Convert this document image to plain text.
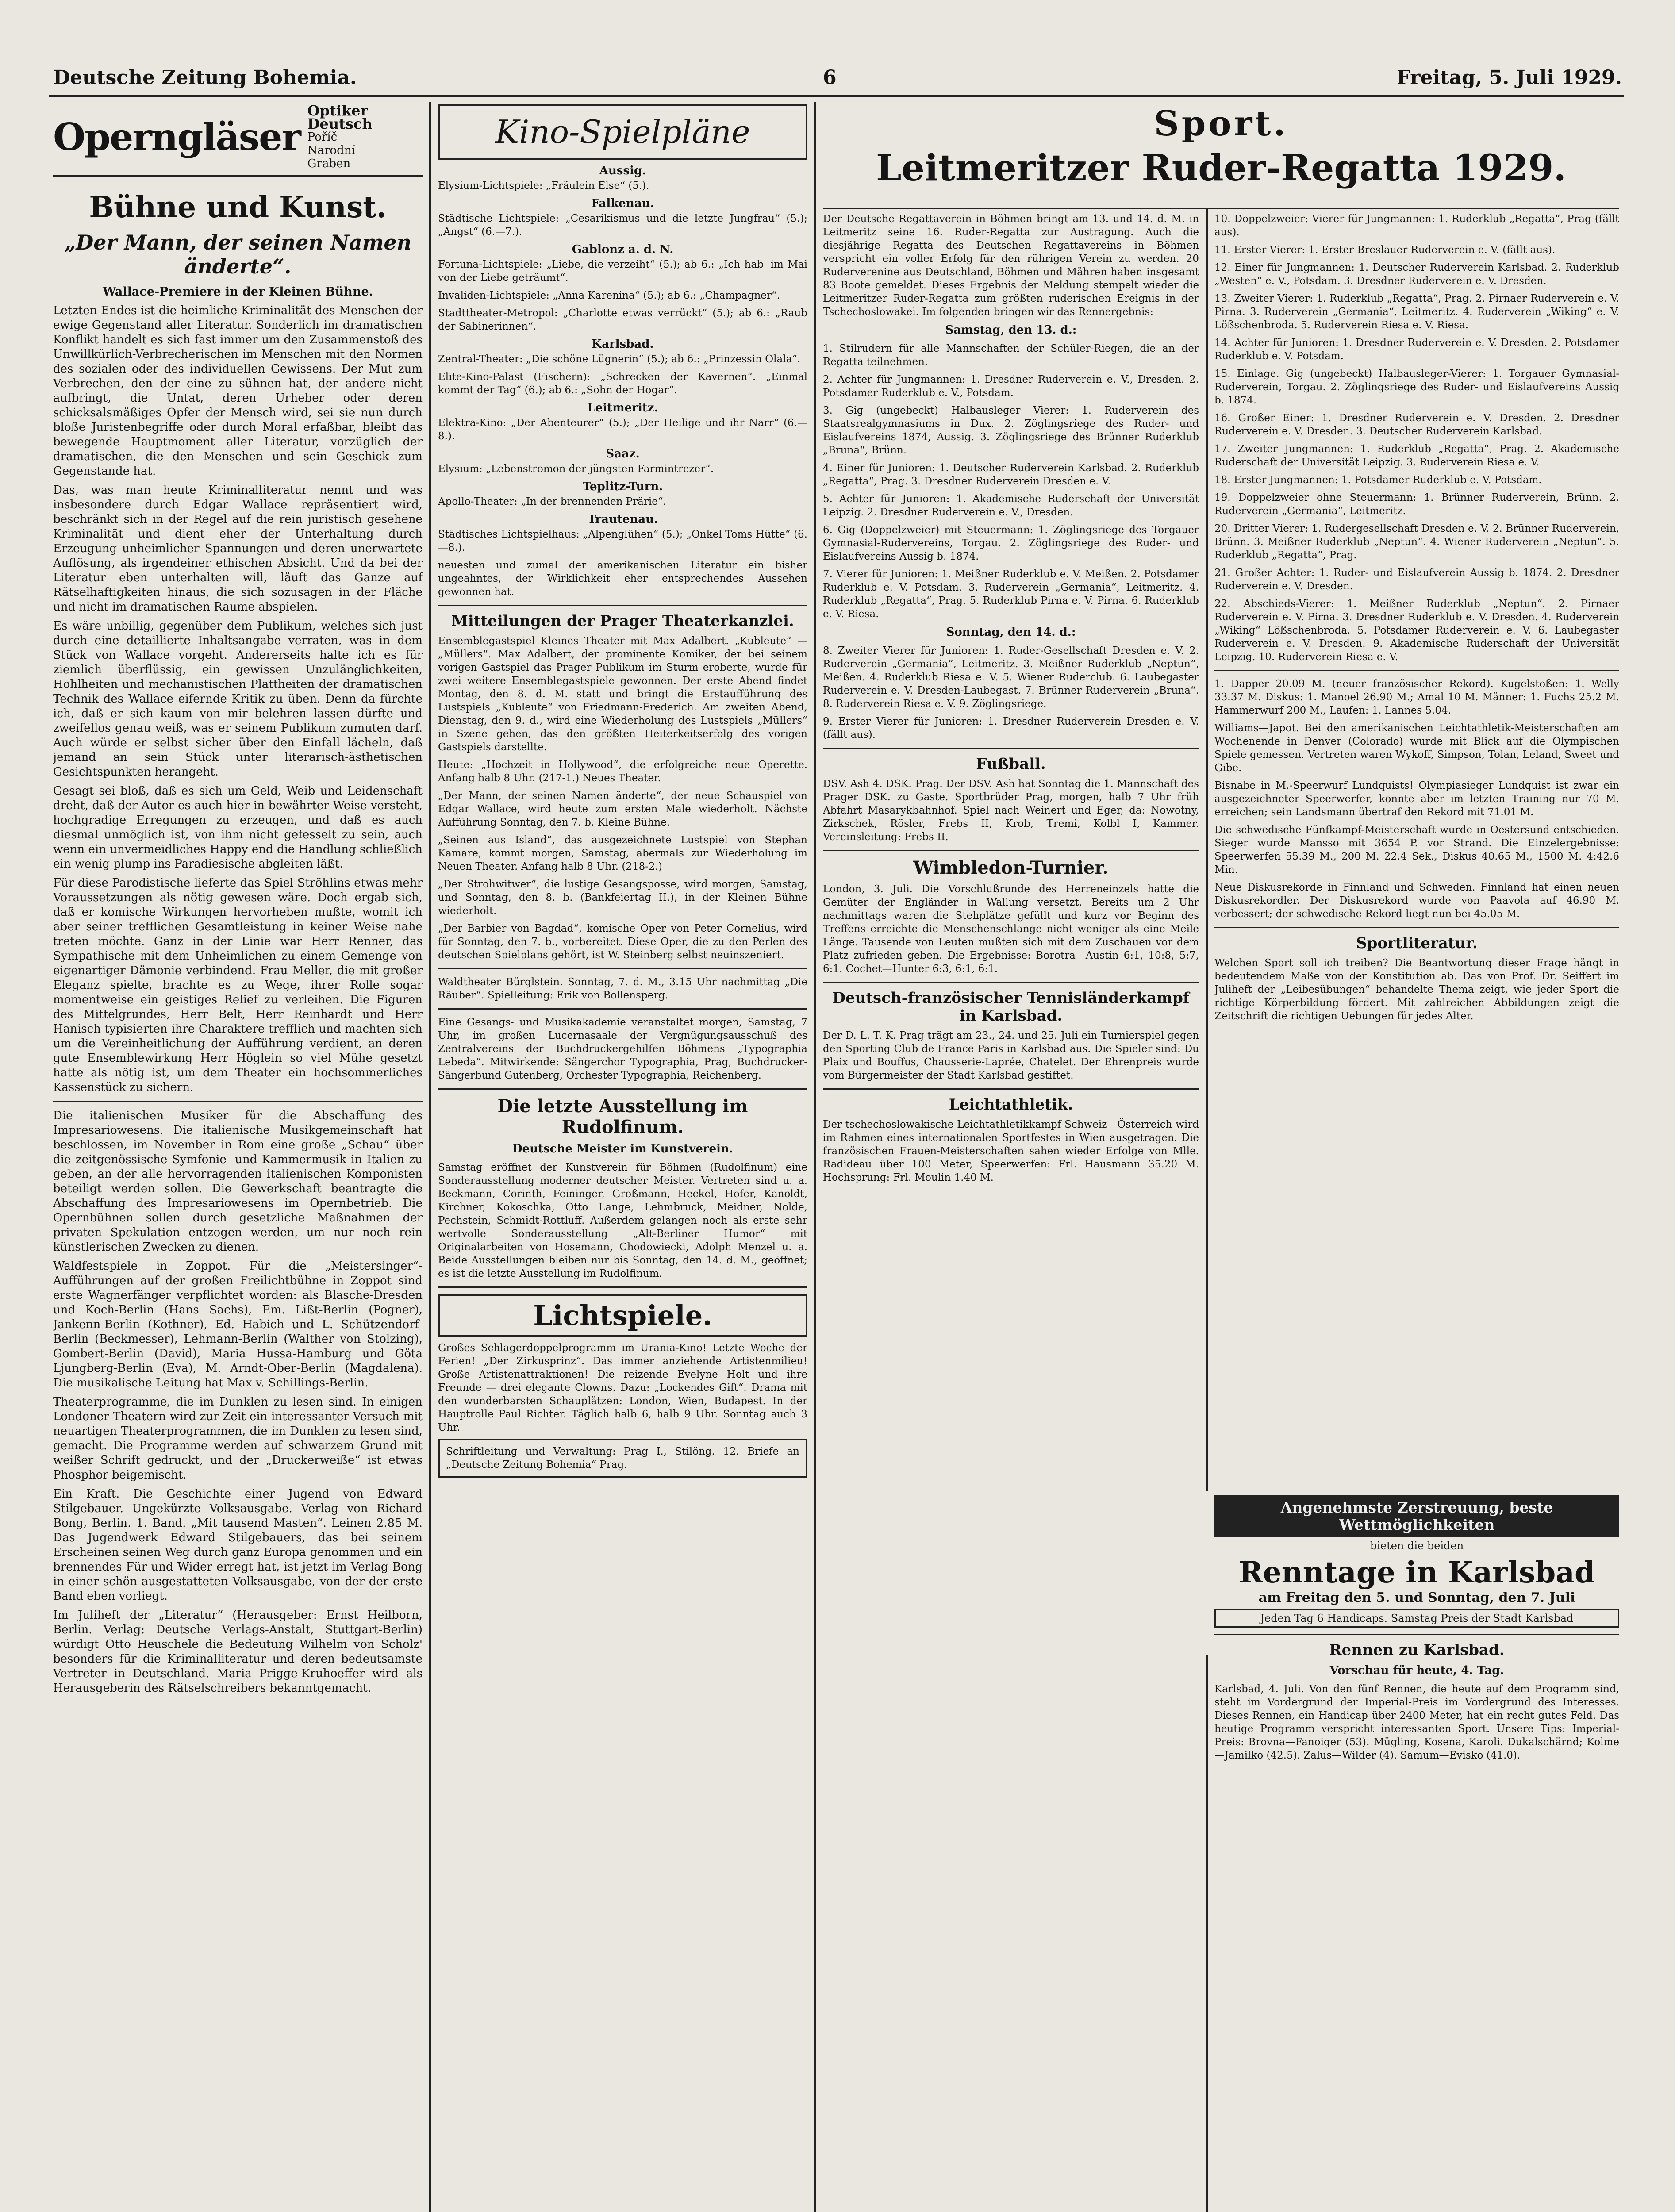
Deutsche Zeitung Bohemia.	6	Freitag, 5. Juli 1929.
Operngläser
Optiker Deutsch
Poříč
Narodní
Graben
Bühne und Kunst.
„Der Mann, der seinen Namen änderte“.

Wallace-Premiere in der Kleinen Bühne.

Letzten Endes ist die heimliche Kriminalität des Menschen der ewige Gegenstand aller Literatur. Sonderlich im dramatischen Konflikt handelt es sich fast immer um den Zusammenstoß des Unwillkürlich-Verbrecherischen im Menschen mit den Normen des sozialen oder des individuellen Gewissens. Der Mut zum Verbrechen, den der eine zu sühnen hat, der andere nicht aufbringt, die Untat, deren Urheber oder deren schicksalsmäßiges Opfer der Mensch wird, sei sie nun durch bloße Juristenbegriffe oder durch Moral erfaßbar, bleibt das bewegende Hauptmoment aller Literatur, vorzüglich der dramatischen, die den Menschen und sein Geschick zum Gegenstande hat.

Das, was man heute Kriminalliteratur nennt und was insbesondere durch Edgar Wallace repräsentiert wird, beschränkt sich in der Regel auf die rein juristisch gesehene Kriminalität und dient eher der Unterhaltung durch Erzeugung unheimlicher Spannungen und deren unerwartete Auflösung, als irgendeiner ethischen Absicht. Und da bei der Literatur eben unterhalten will, läuft das Ganze auf Rätselhaftigkeiten hinaus, die sich sozusagen in der Fläche und nicht im dramatischen Raume abspielen.

Es wäre unbillig, gegenüber dem Publikum, welches sich just durch eine detaillierte Inhaltsangabe verraten, was in dem Stück von Wallace vorgeht. Andererseits halte ich es für ziemlich überflüssig, ein gewissen Unzulänglichkeiten, Hohlheiten und mechanistischen Plattheiten der dramatischen Technik des Wallace eifernde Kritik zu üben. Denn da fürchte ich, daß er sich kaum von mir belehren lassen dürfte und zweifellos genau weiß, was er seinem Publikum zumuten darf. Auch würde er selbst sicher über den Einfall lächeln, daß jemand an sein Stück unter literarisch-ästhetischen Gesichtspunkten herangeht.

Gesagt sei bloß, daß es sich um Geld, Weib und Leidenschaft dreht, daß der Autor es auch hier in bewährter Weise versteht, hochgradige Erregungen zu erzeugen, und daß es auch diesmal unmöglich ist, von ihm nicht gefesselt zu sein, auch wenn ein unvermeidliches Happy end die Handlung schließlich ein wenig plump ins Paradiesische abgleiten läßt.

Für diese Parodistische lieferte das Spiel Ströhlins etwas mehr Voraussetzungen als nötig gewesen wäre. Doch ergab sich, daß er komische Wirkungen hervorheben mußte, womit ich aber seiner trefflichen Gesamtleistung in keiner Weise nahe treten möchte. Ganz in der Linie war Herr Renner, das Sympathische mit dem Unheimlichen zu einem Gemenge von eigenartiger Dämonie verbindend. Frau Meller, die mit großer Eleganz spielte, brachte es zu Wege, ihrer Rolle sogar momentweise ein geistiges Relief zu verleihen. Die Figuren des Mittelgrundes, Herr Belt, Herr Reinhardt und Herr Hanisch typisierten ihre Charaktere trefflich und machten sich um die Vereinheitlichung der Aufführung verdient, an deren gute Ensemblewirkung Herr Höglein so viel Mühe gesetzt hatte als nötig ist, um dem Theater ein hochsommerliches Kassenstück zu sichern.

Die italienischen Musiker für die Abschaffung des Impresariowesens. Die italienische Musikgemeinschaft hat beschlossen, im November in Rom eine große „Schau“ über die zeitgenössische Symfonie- und Kammermusik in Italien zu geben, an der alle hervorragenden italienischen Komponisten beteiligt werden sollen. Die Gewerkschaft beantragte die Abschaffung des Impresariowesens im Opernbetrieb. Die Opernbühnen sollen durch gesetzliche Maßnahmen der privaten Spekulation entzogen werden, um nur noch rein künstlerischen Zwecken zu dienen.

Waldfestspiele in Zoppot. Für die „Meistersinger“-Aufführungen auf der großen Freilichtbühne in Zoppot sind erste Wagnerfänger verpflichtet worden: als Blasche-Dresden und Koch-Berlin (Hans Sachs), Em. Lißt-Berlin (Pogner), Jankenn-Berlin (Kothner), Ed. Habich und L. Schützendorf-Berlin (Beckmesser), Lehmann-Berlin (Walther von Stolzing), Gombert-Berlin (David), Maria Hussa-Hamburg und Göta Ljungberg-Berlin (Eva), M. Arndt-Ober-Berlin (Magdalena). Die musikalische Leitung hat Max v. Schillings-Berlin.

Theaterprogramme, die im Dunklen zu lesen sind. In einigen Londoner Theatern wird zur Zeit ein interessanter Versuch mit neuartigen Theaterprogrammen, die im Dunklen zu lesen sind, gemacht. Die Programme werden auf schwarzem Grund mit weißer Schrift gedruckt, und der „Druckerweiße“ ist etwas Phosphor beigemischt.

Ein Kraft. Die Geschichte einer Jugend von Edward Stilgebauer. Ungekürzte Volksausgabe. Verlag von Richard Bong, Berlin. 1. Band. „Mit tausend Masten“. Leinen 2.85 M. Das Jugendwerk Edward Stilgebauers, das bei seinem Erscheinen seinen Weg durch ganz Europa genommen und ein brennendes Für und Wider erregt hat, ist jetzt im Verlag Bong in einer schön ausgestatteten Volksausgabe, von der der erste Band eben vorliegt.

Im Juliheft der „Literatur“ (Herausgeber: Ernst Heilborn, Berlin. Verlag: Deutsche Verlags-Anstalt, Stuttgart-Berlin) würdigt Otto Heuschele die Bedeutung Wilhelm von Scholz' besonders für die Kriminalliteratur und deren bedeutsamste Vertreter in Deutschland. Maria Prigge-Kruhoeffer wird als Herausgeberin des Rätselschreibers bekanntgemacht.

Kino-Spielpläne
Aussig.

Elysium-Lichtspiele: „Fräulein Else“ (5.).

Falkenau.

Städtische Lichtspiele: „Cesarikismus und die letzte Jungfrau“ (5.); „Angst“ (6.—7.).

Gablonz a. d. N.

Fortuna-Lichtspiele: „Liebe, die verzeiht“ (5.); ab 6.: „Ich hab' im Mai von der Liebe geträumt“.

Invaliden-Lichtspiele: „Anna Karenina“ (5.); ab 6.: „Champagner“.

Stadttheater-Metropol: „Charlotte etwas verrückt“ (5.); ab 6.: „Raub der Sabinerinnen“.

Karlsbad.

Zentral-Theater: „Die schöne Lügnerin“ (5.); ab 6.: „Prinzessin Olala“.

Elite-Kino-Palast (Fischern): „Schrecken der Kavernen“. „Einmal kommt der Tag“ (6.); ab 6.: „Sohn der Hogar“.

Leitmeritz.

Elektra-Kino: „Der Abenteurer“ (5.); „Der Heilige und ihr Narr“ (6.—8.).

Saaz.

Elysium: „Lebenstromon der jüngsten Farmintrezer“.

Teplitz-Turn.

Apollo-Theater: „In der brennenden Prärie“.

Trautenau.

Städtisches Lichtspielhaus: „Alpenglühen“ (5.); „Onkel Toms Hütte“ (6.—8.).

neuesten und zumal der amerikanischen Literatur ein bisher ungeahntes, der Wirklichkeit eher entsprechendes Aussehen gewonnen hat.

Mitteilungen der Prager Theaterkanzlei.

Ensemblegastspiel Kleines Theater mit Max Adalbert. „Kubleute“ — „Müllers“. Max Adalbert, der prominente Komiker, der bei seinem vorigen Gastspiel das Prager Publikum im Sturm eroberte, wurde für zwei weitere Ensemblegastspiele gewonnen. Der erste Abend findet Montag, den 8. d. M. statt und bringt die Erstaufführung des Lustspiels „Kubleute“ von Friedmann-Frederich. Am zweiten Abend, Dienstag, den 9. d., wird eine Wiederholung des Lustspiels „Müllers“ in Szene gehen, das den größten Heiterkeitserfolg des vorigen Gastspiels darstellte.

Heute: „Hochzeit in Hollywood“, die erfolgreiche neue Operette. Anfang halb 8 Uhr. (217-1.) Neues Theater.

„Der Mann, der seinen Namen änderte“, der neue Schauspiel von Edgar Wallace, wird heute zum ersten Male wiederholt. Nächste Aufführung Sonntag, den 7. b. Kleine Bühne.

„Seinen aus Island“, das ausgezeichnete Lustspiel von Stephan Kamare, kommt morgen, Samstag, abermals zur Wiederholung im Neuen Theater. Anfang halb 8 Uhr. (218-2.)

„Der Strohwitwer“, die lustige Gesangsposse, wird morgen, Samstag, und Sonntag, den 8. b. (Bankfeiertag II.), in der Kleinen Bühne wiederholt.

„Der Barbier von Bagdad“, komische Oper von Peter Cornelius, wird für Sonntag, den 7. b., vorbereitet. Diese Oper, die zu den Perlen des deutschen Spielplans gehört, ist W. Steinberg selbst neuinszeniert.

Waldtheater Bürglstein. Sonntag, 7. d. M., 3.15 Uhr nachmittag „Die Räuber“. Spielleitung: Erik von Bollensperg.

Eine Gesangs- und Musikakademie veranstaltet morgen, Samstag, 7 Uhr, im großen Lucernasaale der Vergnügungsausschuß des Zentralvereins der Buchdruckergehilfen Böhmens „Typographia Lebeda“. Mitwirkende: Sängerchor Typographia, Prag, Buchdrucker-Sängerbund Gutenberg, Orchester Typographia, Reichenberg.

Die letzte Ausstellung im Rudolfinum.

Deutsche Meister im Kunstverein.

Samstag eröffnet der Kunstverein für Böhmen (Rudolfinum) eine Sonderausstellung moderner deutscher Meister. Vertreten sind u. a. Beckmann, Corinth, Feininger, Großmann, Heckel, Hofer, Kanoldt, Kirchner, Kokoschka, Otto Lange, Lehmbruck, Meidner, Nolde, Pechstein, Schmidt-Rottluff. Außerdem gelangen noch als erste sehr wertvolle Sonderausstellung „Alt-Berliner Humor“ mit Originalarbeiten von Hosemann, Chodowiecki, Adolph Menzel u. a. Beide Ausstellungen bleiben nur bis Sonntag, den 14. d. M., geöffnet; es ist die letzte Ausstellung im Rudolfinum.

Lichtspiele.

Großes Schlagerdoppelprogramm im Urania-Kino! Letzte Woche der Ferien! „Der Zirkusprinz“. Das immer anziehende Artistenmilieu! Große Artistenattraktionen! Die reizende Evelyne Holt und ihre Freunde — drei elegante Clowns. Dazu: „Lockendes Gift“. Drama mit den wunderbarsten Schauplätzen: London, Wien, Budapest. In der Hauptrolle Paul Richter. Täglich halb 6, halb 9 Uhr. Sonntag auch 3 Uhr.

Schriftleitung und Verwaltung: Prag I., Stilöng. 12. Briefe an „Deutsche Zeitung Bohemia“ Prag.

Sport.
Leitmeritzer Ruder-Regatta 1929.

Der Deutsche Regattaverein in Böhmen bringt am 13. und 14. d. M. in Leitmeritz seine 16. Ruder-Regatta zur Austragung. Auch die diesjährige Regatta des Deutschen Regattavereins in Böhmen verspricht ein voller Erfolg für den rührigen Verein zu werden. 20 Ruderverenine aus Deutschland, Böhmen und Mähren haben insgesamt 83 Boote gemeldet. Dieses Ergebnis der Meldung stempelt wieder die Leitmeritzer Ruder-Regatta zum größten ruderischen Ereignis in der Tschechoslowakei. Im folgenden bringen wir das Rennergebnis:

Samstag, den 13. d.:

1. Stilrudern für alle Mannschaften der Schüler-Riegen, die an der Regatta teilnehmen.

2. Achter für Jungmannen: 1. Dresdner Ruderverein e. V., Dresden. 2. Potsdamer Ruderklub e. V., Potsdam.

3. Gig (ungebeckt) Halbausleger Vierer: 1. Ruderverein des Staatsrealgymnasiums in Dux. 2. Zöglingsriege des Ruder- und Eislaufvereins 1874, Aussig. 3. Zöglingsriege des Brünner Ruderklub „Bruna“, Brünn.

4. Einer für Junioren: 1. Deutscher Ruderverein Karlsbad. 2. Ruderklub „Regatta“, Prag. 3. Dresdner Ruderverein Dresden e. V.

5. Achter für Junioren: 1. Akademische Ruderschaft der Universität Leipzig. 2. Dresdner Ruderverein e. V., Dresden.

6. Gig (Doppelzweier) mit Steuermann: 1. Zöglingsriege des Torgauer Gymnasial-Rudervereins, Torgau. 2. Zöglingsriege des Ruder- und Eislaufvereins Aussig b. 1874.

7. Vierer für Junioren: 1. Meißner Ruderklub e. V. Meißen. 2. Potsdamer Ruderklub e. V. Potsdam. 3. Ruderverein „Germania“, Leitmeritz. 4. Ruderklub „Regatta“, Prag. 5. Ruderklub Pirna e. V. Pirna. 6. Ruderklub e. V. Riesa.

Sonntag, den 14. d.:

8. Zweiter Vierer für Junioren: 1. Ruder-Gesellschaft Dresden e. V. 2. Ruderverein „Germania“, Leitmeritz. 3. Meißner Ruderklub „Neptun“, Meißen. 4. Ruderklub Riesa e. V. 5. Wiener Ruderclub. 6. Laubegaster Ruderverein e. V. Dresden-Laubegast. 7. Brünner Ruderverein „Bruna“. 8. Ruderverein Riesa e. V. 9. Zöglingsriege.

9. Erster Vierer für Junioren: 1. Dresdner Ruderverein Dresden e. V. (fällt aus).

Fußball.

DSV. Ash 4. DSK. Prag. Der DSV. Ash hat Sonntag die 1. Mannschaft des Prager DSK. zu Gaste. Sportbrüder Prag, morgen, halb 7 Uhr früh Abfahrt Masarykbahnhof. Spiel nach Weinert und Eger, da: Nowotny, Zirkschek, Rösler, Frebs II, Krob, Tremi, Kolbl I, Kammer. Vereinsleitung: Frebs II.

Wimbledon-Turnier.

London, 3. Juli. Die Vorschlußrunde des Herreneinzels hatte die Gemüter der Engländer in Wallung versetzt. Bereits um 2 Uhr nachmittags waren die Stehplätze gefüllt und kurz vor Beginn des Treffens erreichte die Menschenschlange nicht weniger als eine Meile Länge. Tausende von Leuten mußten sich mit dem Zuschauen vor dem Platz zufrieden geben. Die Ergebnisse: Borotra—Austin 6:1, 10:8, 5:7, 6:1. Cochet—Hunter 6:3, 6:1, 6:1.

Deutsch-französischer Tennisländerkampf in Karlsbad.

Der D. L. T. K. Prag trägt am 23., 24. und 25. Juli ein Turnierspiel gegen den Sporting Club de France Paris in Karlsbad aus. Die Spieler sind: Du Plaix und Bouffus, Chausserie-Laprée, Chatelet. Der Ehrenpreis wurde vom Bürgermeister der Stadt Karlsbad gestiftet.

Leichtathletik.

Der tschechoslowakische Leichtathletikkampf Schweiz—Österreich wird im Rahmen eines internationalen Sportfestes in Wien ausgetragen. Die französischen Frauen-Meisterschaften sahen wieder Erfolge von Mlle. Radideau über 100 Meter, Speerwerfen: Frl. Hausmann 35.20 M. Hochsprung: Frl. Moulin 1.40 M.

10. Doppelzweier: Vierer für Jungmannen: 1. Ruderklub „Regatta“, Prag (fällt aus).

11. Erster Vierer: 1. Erster Breslauer Ruderverein e. V. (fällt aus).

12. Einer für Jungmannen: 1. Deutscher Ruderverein Karlsbad. 2. Ruderklub „Westen“ e. V., Potsdam. 3. Dresdner Ruderverein e. V. Dresden.

13. Zweiter Vierer: 1. Ruderklub „Regatta“, Prag. 2. Pirnaer Ruderverein e. V. Pirna. 3. Ruderverein „Germania“, Leitmeritz. 4. Ruderverein „Wiking“ e. V. Lößschenbroda. 5. Ruderverein Riesa e. V. Riesa.

14. Achter für Junioren: 1. Dresdner Ruderverein e. V. Dresden. 2. Potsdamer Ruderklub e. V. Potsdam.

15. Einlage. Gig (ungebeckt) Halbausleger-Vierer: 1. Torgauer Gymnasial-Ruderverein, Torgau. 2. Zöglingsriege des Ruder- und Eislaufvereins Aussig b. 1874.

16. Großer Einer: 1. Dresdner Ruderverein e. V. Dresden. 2. Dresdner Ruderverein e. V. Dresden. 3. Deutscher Ruderverein Karlsbad.

17. Zweiter Jungmannen: 1. Ruderklub „Regatta“, Prag. 2. Akademische Ruderschaft der Universität Leipzig. 3. Ruderverein Riesa e. V.

18. Erster Jungmannen: 1. Potsdamer Ruderklub e. V. Potsdam.

19. Doppelzweier ohne Steuermann: 1. Brünner Ruderverein, Brünn. 2. Ruderverein „Germania“, Leitmeritz.

20. Dritter Vierer: 1. Rudergesellschaft Dresden e. V. 2. Brünner Ruderverein, Brünn. 3. Meißner Ruderklub „Neptun“. 4. Wiener Ruderverein „Neptun“. 5. Ruderklub „Regatta“, Prag.

21. Großer Achter: 1. Ruder- und Eislaufverein Aussig b. 1874. 2. Dresdner Ruderverein e. V. Dresden.

22. Abschieds-Vierer: 1. Meißner Ruderklub „Neptun“. 2. Pirnaer Ruderverein e. V. Pirna. 3. Dresdner Ruderklub e. V. Dresden. 4. Ruderverein „Wiking“ Lößschenbroda. 5. Potsdamer Ruderverein e. V. 6. Laubegaster Ruderverein e. V. Dresden. 9. Akademische Ruderschaft der Universität Leipzig. 10. Ruderverein Riesa e. V.

1. Dapper 20.09 M. (neuer französischer Rekord). Kugelstoßen: 1. Welly 33.37 M. Diskus: 1. Manoel 26.90 M.; Amal 10 M. Männer: 1. Fuchs 25.2 M. Hammerwurf 200 M., Laufen: 1. Lannes 5.04.

Williams—Japot. Bei den amerikanischen Leichtathletik-Meisterschaften am Wochenende in Denver (Colorado) wurde mit Blick auf die Olympischen Spiele gemessen. Vertreten waren Wykoff, Simpson, Tolan, Leland, Sweet und Gibe.

Bisnabe in M.-Speerwurf Lundquists! Olympiasieger Lundquist ist zwar ein ausgezeichneter Speerwerfer, konnte aber im letzten Training nur 70 M. erreichen; sein Landsmann übertraf den Rekord mit 71.01 M.

Die schwedische Fünfkampf-Meisterschaft wurde in Oestersund entschieden. Sieger wurde Mansso mit 3654 P. vor Strand. Die Einzelergebnisse: Speerwerfen 55.39 M., 200 M. 22.4 Sek., Diskus 40.65 M., 1500 M. 4:42.6 Min.

Neue Diskusrekorde in Finnland und Schweden. Finnland hat einen neuen Diskusrekordler. Der Diskusrekord wurde von Paavola auf 46.90 M. verbessert; der schwedische Rekord liegt nun bei 45.05 M.

Sportliteratur.

Welchen Sport soll ich treiben? Die Beantwortung dieser Frage hängt in bedeutendem Maße von der Konstitution ab. Das von Prof. Dr. Seiffert im Juliheft der „Leibesübungen“ behandelte Thema zeigt, wie jeder Sport die richtige Körperbildung fördert. Mit zahlreichen Abbildungen zeigt die Zeitschrift die richtigen Uebungen für jedes Alter.

Angenehmste Zerstreuung, beste Wettmöglichkeiten
bieten die beiden
Renntage in Karlsbad
am Freitag den 5. und Sonntag, den 7. Juli
Jeden Tag 6 Handicaps. Samstag Preis der Stadt Karlsbad
Rennen zu Karlsbad.

Vorschau für heute, 4. Tag.

Karlsbad, 4. Juli. Von den fünf Rennen, die heute auf dem Programm sind, steht im Vordergrund der Imperial-Preis im Vordergrund des Interesses. Dieses Rennen, ein Handicap über 2400 Meter, hat ein recht gutes Feld. Das heutige Programm verspricht interessanten Sport. Unsere Tips: Imperial-Preis: Brovna—Fanoiger (53). Mügling, Kosena, Karoli. Dukalschärnd; Kolme—Jamilko (42.5). Zalus—Wilder (4). Samum—Evisko (41.0).
